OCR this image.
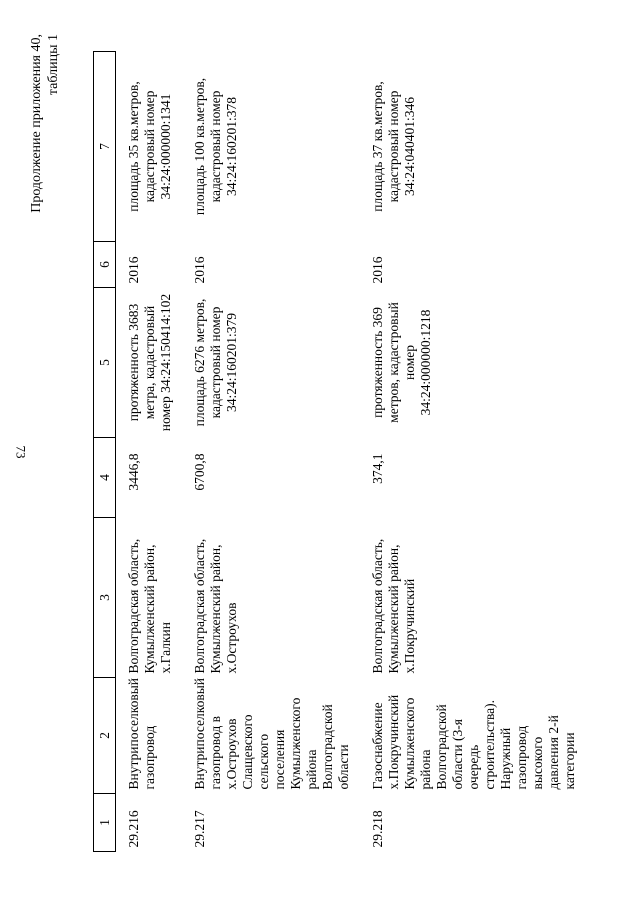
73
Продолжение приложения 40, таблицы 1
1	2	3	4	5	6	7
29.216	Внутрипоселковый газопровод	Волгоградская область, Кумылженский район, х.Галкин	3446,8	протяженность 3683 метра, кадастровый номер 34:24:150414:102	2016	площадь 35 кв.метров, кадастровый номер 34:24:000000:1341
29.217	Внутрипоселковый газопровод в х.Остроухов Слащевского сельского поселения Кумылженского района Волгоградской области	Волгоградская область, Кумылженский район, х.Остроухов	6700,8	площадь 6276 метров, кадастровый номер 34:24:160201:379	2016	площадь 100 кв.метров, кадастровый номер 34:24:160201:378
29.218	Газоснабжение х.Покручинский Кумылженского района Волгоградской области (3-я очередь строительства). Наружный газопровод высокого давления 2-й категории	Волгоградская область, Кумылженский район, х.Покручинский	374,1	протяженность 369 метров, кадастровый номер 34:24:000000:1218	2016	площадь 37 кв.метров, кадастровый номер 34:24:040401:346
